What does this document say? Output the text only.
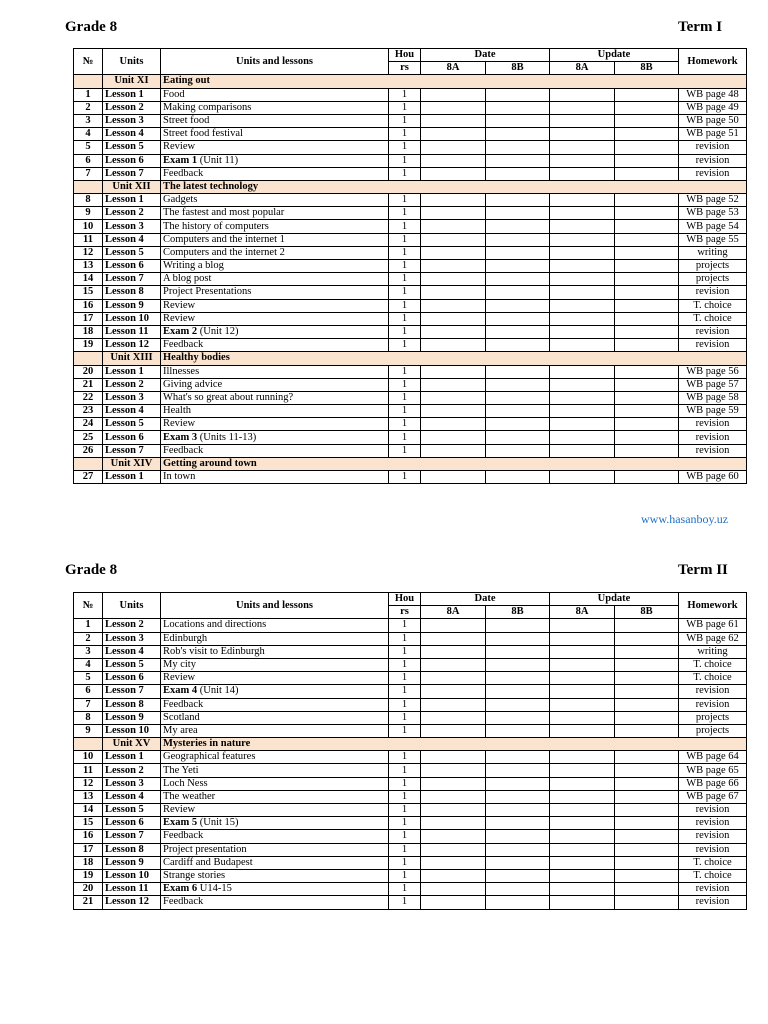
Grade 8	Term I
№	Units	Units and lessons	Hou	Date		Update		Homework
			rs	8A	8B	8A	8B	
	Unit XI	Eating out						
1	Lesson 1	Food	1					WB page 48
2	Lesson 2	Making comparisons	1					WB page 49
3	Lesson 3	Street food	1					WB page 50
4	Lesson 4	Street food festival	1					WB page 51
5	Lesson 5	Review	1					revision
6	Lesson 6	Exam 1 (Unit 11)	1					revision
7	Lesson 7	Feedback	1					revision
	Unit XII	The latest technology						
8	Lesson 1	Gadgets	1					WB page 52
9	Lesson 2	The fastest and most popular	1					WB page 53
10	Lesson 3	The history of computers	1					WB page 54
11	Lesson 4	Computers and the internet 1	1					WB page 55
12	Lesson 5	Computers and the internet 2	1					writing
13	Lesson 6	Writing a blog	1					projects
14	Lesson 7	A blog post	1					projects
15	Lesson 8	Project Presentations	1					revision
16	Lesson 9	Review	1					T. choice
17	Lesson 10	Review	1					T. choice
18	Lesson 11	Exam 2 (Unit 12)	1					revision
19	Lesson 12	Feedback	1					revision
	Unit XIII	Healthy bodies						
20	Lesson 1	Illnesses	1					WB page 56
21	Lesson 2	Giving advice	1					WB page 57
22	Lesson 3	What's so great about running?	1					WB page 58
23	Lesson 4	Health	1					WB page 59
24	Lesson 5	Review	1					revision
25	Lesson 6	Exam 3 (Units 11-13)	1					revision
26	Lesson 7	Feedback	1					revision
	Unit XIV	Getting around town						
27	Lesson 1	In town	1					WB page 60
www.hasanboy.uz
Grade 8	Term II
№	Units	Units and lessons	Hou	Date		Update		Homework
			rs	8A	8B	8A	8B	
1	Lesson 2	Locations and directions	1					WB page 61
2	Lesson 3	Edinburgh	1					WB page 62
3	Lesson 4	Rob's visit to Edinburgh	1					writing
4	Lesson 5	My city	1					T. choice
5	Lesson 6	Review	1					T. choice
6	Lesson 7	Exam 4 (Unit 14)	1					revision
7	Lesson 8	Feedback	1					revision
8	Lesson 9	Scotland	1					projects
9	Lesson 10	My area	1					projects
	Unit XV	Mysteries in nature						
10	Lesson 1	Geographical features	1					WB page 64
11	Lesson 2	The Yeti	1					WB page 65
12	Lesson 3	Loch Ness	1					WB page 66
13	Lesson 4	The weather	1					WB page 67
14	Lesson 5	Review	1					revision
15	Lesson 6	Exam 5 (Unit 15)	1					revision
16	Lesson 7	Feedback	1					revision
17	Lesson 8	Project presentation	1					revision
18	Lesson 9	Cardiff and Budapest	1					T. choice
19	Lesson 10	Strange stories	1					T. choice
20	Lesson 11	Exam 6 U14-15	1					revision
21	Lesson 12	Feedback	1					revision
